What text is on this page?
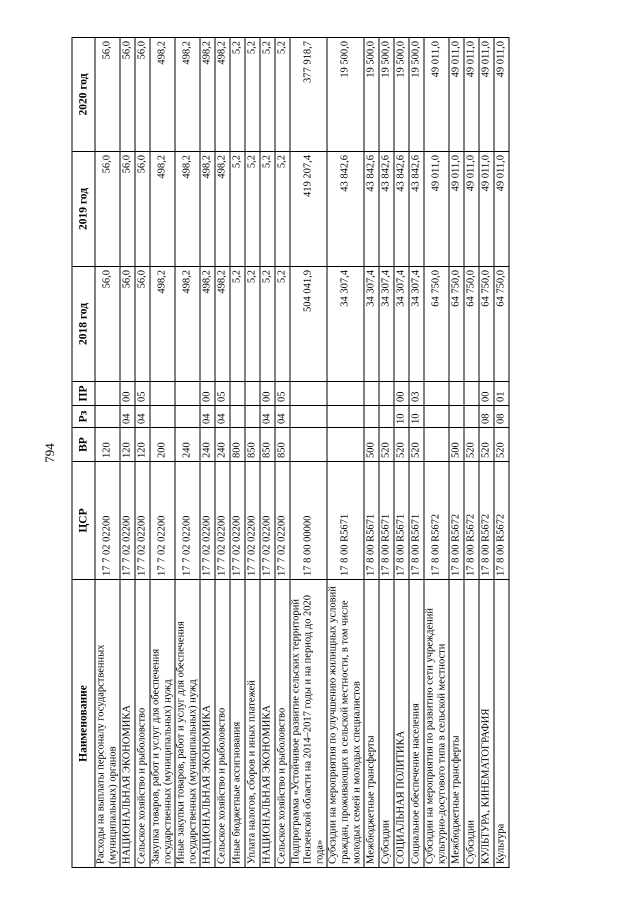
794
Наименование	ЦСР	ВР	Рз	ПР	2018 год	2019 год	2020 год
Расходы на выплаты персоналу государственных (муниципальных) органов	17 7 02 02200	120			56,0	56,0	56,0
НАЦИОНАЛЬНАЯ ЭКОНОМИКА	17 7 02 02200	120	04	00	56,0	56,0	56,0
Сельское хозяйство и рыболовство	17 7 02 02200	120	04	05	56,0	56,0	56,0
Закупка товаров, работ и услуг для обеспечения государственных (муниципальных) нужд	17 7 02 02200	200			498,2	498,2	498,2
Иные закупки товаров, работ и услуг для обеспечения государственных (муниципальных) нужд	17 7 02 02200	240			498,2	498,2	498,2
НАЦИОНАЛЬНАЯ ЭКОНОМИКА	17 7 02 02200	240	04	00	498,2	498,2	498,2
Сельское хозяйство и рыболовство	17 7 02 02200	240	04	05	498,2	498,2	498,2
Иные бюджетные ассигнования	17 7 02 02200	800			5,2	5,2	5,2
Уплата налогов, сборов и иных платежей	17 7 02 02200	850			5,2	5,2	5,2
НАЦИОНАЛЬНАЯ ЭКОНОМИКА	17 7 02 02200	850	04	00	5,2	5,2	5,2
Сельское хозяйство и рыболовство	17 7 02 02200	850	04	05	5,2	5,2	5,2
Подпрограмма «Устойчивое развитие сельских территорий Пензенской области на 2014–2017 годы и на период до 2020 года»	17 8 00 00000				504 041,9	419 207,4	377 918,7
Субсидии на мероприятия по улучшению жилищных условий граждан, проживающих в сельской местности, в том числе молодых семей и молодых специалистов	17 8 00 R5671				34 307,4	43 842,6	19 500,0
Межбюджетные трансферты	17 8 00 R5671	500			34 307,4	43 842,6	19 500,0
Субсидии	17 8 00 R5671	520			34 307,4	43 842,6	19 500,0
СОЦИАЛЬНАЯ ПОЛИТИКА	17 8 00 R5671	520	10	00	34 307,4	43 842,6	19 500,0
Социальное обеспечение населения	17 8 00 R5671	520	10	03	34 307,4	43 842,6	19 500,0
Субсидии на мероприятия по развитию сети учреждений культурно-досугового типа в сельской местности	17 8 00 R5672				64 750,0	49 011,0	49 011,0
Межбюджетные трансферты	17 8 00 R5672	500			64 750,0	49 011,0	49 011,0
Субсидии	17 8 00 R5672	520			64 750,0	49 011,0	49 011,0
КУЛЬТУРА, КИНЕМАТОГРАФИЯ	17 8 00 R5672	520	08	00	64 750,0	49 011,0	49 011,0
Культура	17 8 00 R5672	520	08	01	64 750,0	49 011,0	49 011,0
